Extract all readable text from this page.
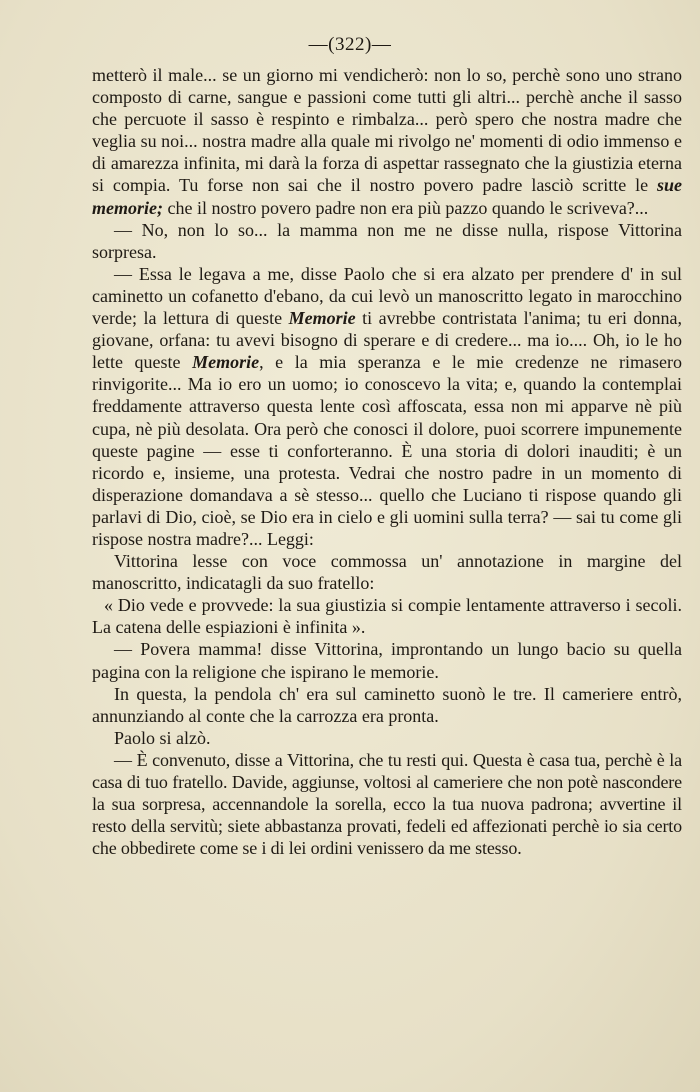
—(322)—

metterò il male... se un giorno mi vendicherò: non lo so, perchè sono uno strano composto di carne, sangue e passioni come tutti gli altri... perchè anche il sasso che percuote il sasso è respinto e rimbalza... però spero che nostra madre che veglia su noi... nostra madre alla quale mi rivolgo ne' momenti di odio immenso e di amarezza infinita, mi darà la forza di aspettar rassegnato che la giustizia eterna si compia. Tu forse non sai che il nostro povero padre lasciò scritte le sue memorie; che il nostro povero padre non era più pazzo quando le scriveva?...

— No, non lo so... la mamma non me ne disse nulla, rispose Vittorina sorpresa.

— Essa le legava a me, disse Paolo che si era alzato per prendere d' in sul caminetto un cofanetto d'ebano, da cui levò un manoscritto legato in marocchino verde; la lettura di queste Memorie ti avrebbe contristata l'anima; tu eri donna, giovane, orfana: tu avevi bisogno di sperare e di credere... ma io.... Oh, io le ho lette queste Memorie, e la mia speranza e le mie credenze ne rimasero rinvigorite... Ma io ero un uomo; io conoscevo la vita; e, quando la contemplai freddamente attraverso questa lente così affoscata, essa non mi apparve nè più cupa, nè più desolata. Ora però che conosci il dolore, puoi scorrere impunemente queste pagine — esse ti conforteranno. È una storia di dolori inauditi; è un ricordo e, insieme, una protesta. Vedrai che nostro padre in un momento di disperazione domandava a sè stesso... quello che Luciano ti rispose quando gli parlavi di Dio, cioè, se Dio era in cielo e gli uomini sulla terra? — sai tu come gli rispose nostra madre?... Leggi:

Vittorina lesse con voce commossa un' annotazione in margine del manoscritto, indicatagli da suo fratello:

« Dio vede e provvede: la sua giustizia si compie lentamente attraverso i secoli. La catena delle espiazioni è infinita ».

— Povera mamma! disse Vittorina, improntando un lungo bacio su quella pagina con la religione che ispirano le memorie.

In questa, la pendola ch' era sul caminetto suonò le tre. Il cameriere entrò, annunziando al conte che la carrozza era pronta.

Paolo si alzò.

— È convenuto, disse a Vittorina, che tu resti qui. Questa è casa tua, perchè è la casa di tuo fratello. Davide, aggiunse, voltosi al cameriere che non potè nascondere la sua sorpresa, accennandole la sorella, ecco la tua nuova padrona; avvertine il resto della servitù; siete abbastanza provati, fedeli ed affezionati perchè io sia certo che obbedirete come se i di lei ordini venissero da me stesso.
